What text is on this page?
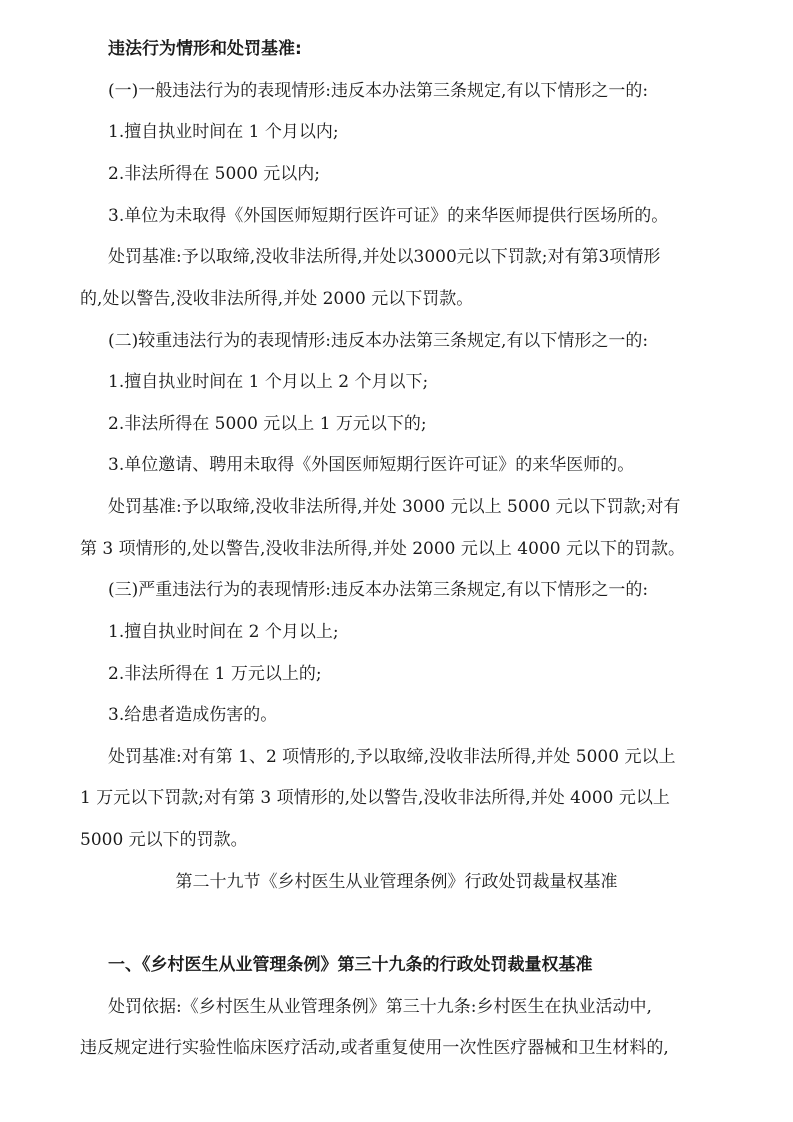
违法行为情形和处罚基准:
(一)一般违法行为的表现情形:违反本办法第三条规定,有以下情形之一的:
1.擅自执业时间在 1 个月以内;
2.非法所得在 5000 元以内;
3.单位为未取得《外国医师短期行医许可证》的来华医师提供行医场所的。
处罚基准:予以取缔,没收非法所得,并处以3000元以下罚款;对有第3项情形
的,处以警告,没收非法所得,并处 2000 元以下罚款。
(二)较重违法行为的表现情形:违反本办法第三条规定,有以下情形之一的:
1.擅自执业时间在 1 个月以上 2 个月以下;
2.非法所得在 5000 元以上 1 万元以下的;
3.单位邀请、聘用未取得《外国医师短期行医许可证》的来华医师的。
处罚基准:予以取缔,没收非法所得,并处 3000 元以上 5000 元以下罚款;对有
第 3 项情形的,处以警告,没收非法所得,并处 2000 元以上 4000 元以下的罚款。
(三)严重违法行为的表现情形:违反本办法第三条规定,有以下情形之一的:
1.擅自执业时间在 2 个月以上;
2.非法所得在 1 万元以上的;
3.给患者造成伤害的。
处罚基准:对有第 1、2 项情形的,予以取缔,没收非法所得,并处 5000 元以上
1 万元以下罚款;对有第 3 项情形的,处以警告,没收非法所得,并处 4000 元以上
5000 元以下的罚款。
第二十九节《乡村医生从业管理条例》行政处罚裁量权基准
一、《乡村医生从业管理条例》第三十九条的行政处罚裁量权基准
处罚依据:《乡村医生从业管理条例》第三十九条:乡村医生在执业活动中,
违反规定进行实验性临床医疗活动,或者重复使用一次性医疗器械和卫生材料的,
